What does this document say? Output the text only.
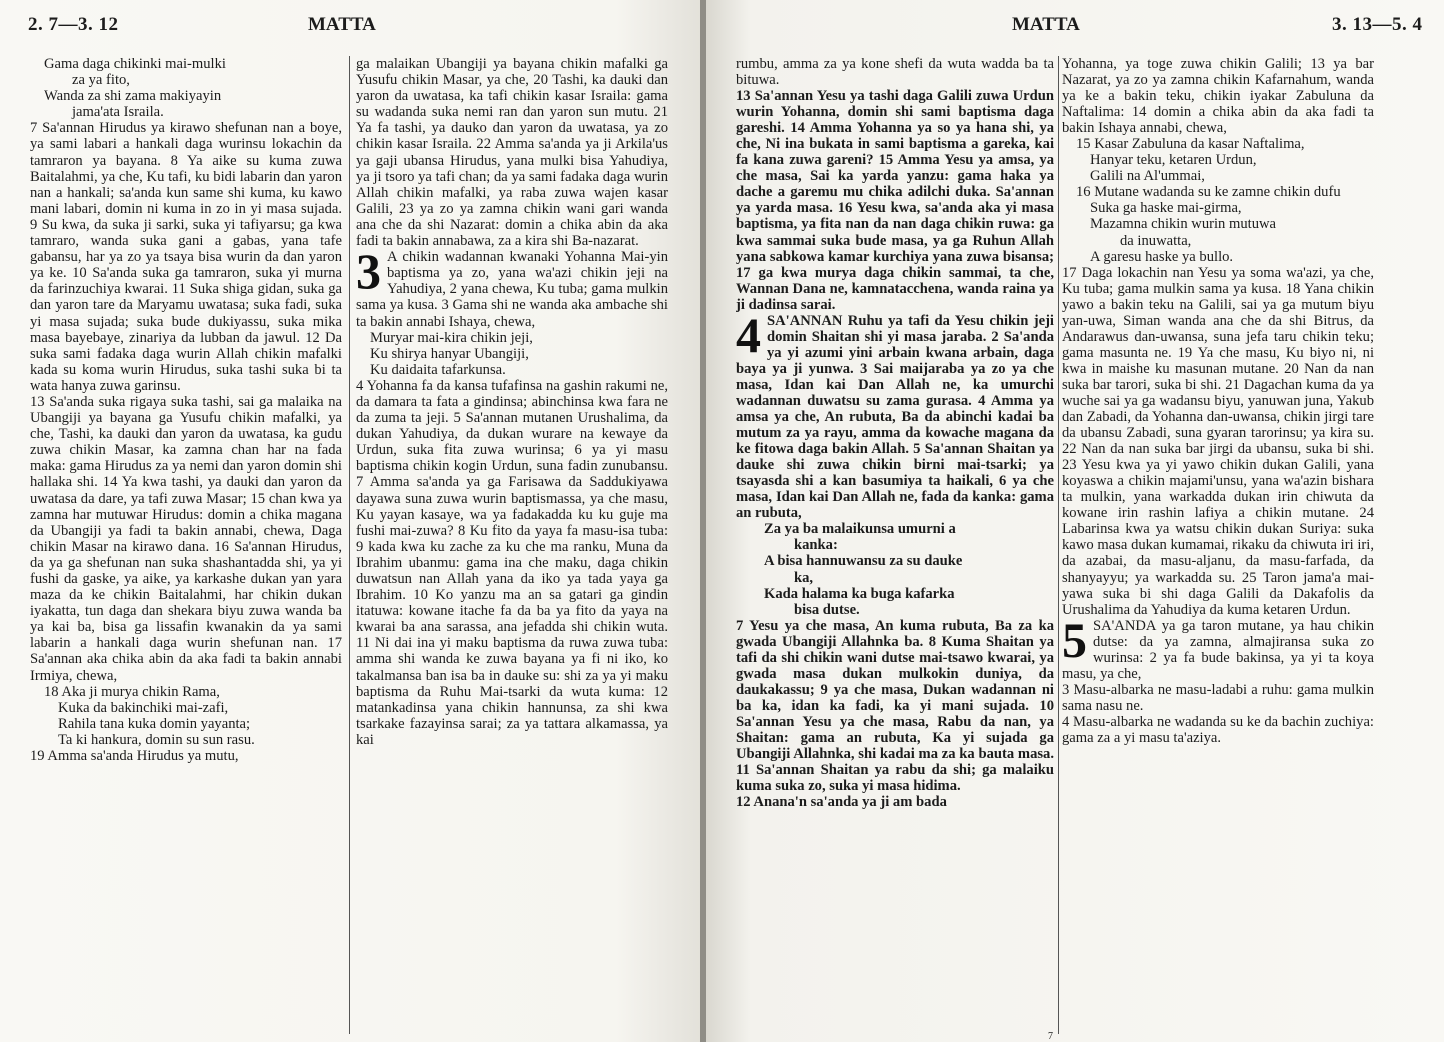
2. 7—3. 12	MATTA

Gama daga chikinki mai-mulki

za ya fito,

Wanda za shi zama makiyayin

jama'ata Israila.

7 Sa'annan Hirudus ya kirawo shefunan nan a boye, ya sami labari a hankali daga wurinsu lokachin da tamraron ya bayana. 8 Ya aike su kuma zuwa Baitalahmi, ya che, Ku tafi, ku bidi labarin dan yaron nan a hankali; sa'anda kun same shi kuma, ku kawo mani labari, domin ni kuma in zo in yi masa sujada. 9 Su kwa, da suka ji sarki, suka yi tafiyarsu; ga kwa tamraro, wanda suka gani a gabas, yana tafe gabansu, har ya zo ya tsaya bisa wurin da dan yaron ya ke. 10 Sa'anda suka ga tamraron, suka yi murna da farinzuchiya kwarai. 11 Suka shiga gidan, suka ga dan yaron tare da Maryamu uwatasa; suka fadi, suka yi masa sujada; suka bude dukiyassu, suka mika masa bayebaye, zinariya da lubban da jawul. 12 Da suka sami fadaka daga wurin Allah chikin mafalki kada su koma wurin Hirudus, suka tashi suka bi ta wata hanya zuwa garinsu.

13 Sa'anda suka rigaya suka tashi, sai ga malaika na Ubangiji ya bayana ga Yusufu chikin mafalki, ya che, Tashi, ka dauki dan yaron da uwatasa, ka gudu zuwa chikin Masar, ka zamna chan har na fada maka: gama Hirudus za ya nemi dan yaron domin shi hallaka shi. 14 Ya kwa tashi, ya dauki dan yaron da uwatasa da dare, ya tafi zuwa Masar; 15 chan kwa ya zamna har mutuwar Hirudus: domin a chika magana da Ubangiji ya fadi ta bakin annabi, chewa, Daga chikin Masar na kirawo dana. 16 Sa'annan Hirudus, da ya ga shefunan nan suka shashantadda shi, ya yi fushi da gaske, ya aike, ya karkashe dukan yan yara maza da ke chikin Baitalahmi, har chikin dukan iyakatta, tun daga dan shekara biyu zuwa wanda ba ya kai ba, bisa ga lissafin kwanakin da ya sami labarin a hankali daga wurin shefunan nan. 17 Sa'annan aka chika abin da aka fadi ta bakin annabi Irmiya, chewa,

18 Aka ji murya chikin Rama,

Kuka da bakinchiki mai-zafi,

Rahila tana kuka domin yayanta;

Ta ki hankura, domin su sun rasu.

19 Amma sa'anda Hirudus ya mutu,

ga malaikan Ubangiji ya bayana chikin mafalki ga Yusufu chikin Masar, ya che, 20 Tashi, ka dauki dan yaron da uwatasa, ka tafi chikin kasar Israila: gama su wadanda suka nemi ran dan yaron sun mutu. 21 Ya fa tashi, ya dauko dan yaron da uwatasa, ya zo chikin kasar Israila. 22 Amma sa'anda ya ji Arkila'us ya gaji ubansa Hirudus, yana mulki bisa Yahudiya, ya ji tsoro ya tafi chan; da ya sami fadaka daga wurin Allah chikin mafalki, ya raba zuwa wajen kasar Galili, 23 ya zo ya zamna chikin wani gari wanda ana che da shi Nazarat: domin a chika abin da aka fadi ta bakin annabawa, za a kira shi Ba-nazarat.

3 A chikin wadannan kwanaki Yohanna Mai-yin baptisma ya zo, yana wa'azi chikin jeji na Yahudiya, 2 yana chewa, Ku tuba; gama mulkin sama ya kusa. 3 Gama shi ne wanda aka ambache shi ta bakin annabi Ishaya, chewa,

Muryar mai-kira chikin jeji,

Ku shirya hanyar Ubangiji,

Ku daidaita tafarkunsa.

4 Yohanna fa da kansa tufafinsa na gashin rakumi ne, da damara ta fata a gindinsa; abinchinsa kwa fara ne da zuma ta jeji. 5 Sa'annan mutanen Urushalima, da dukan Yahudiya, da dukan wurare na kewaye da Urdun, suka fita zuwa wurinsa; 6 ya yi masu baptisma chikin kogin Urdun, suna fadin zunubansu. 7 Amma sa'anda ya ga Farisawa da Saddukiyawa dayawa suna zuwa wurin baptismassa, ya che masu, Ku yayan kasaye, wa ya fadakadda ku ku guje ma fushi mai-zuwa? 8 Ku fito da yaya fa masu-isa tuba: 9 kada kwa ku zache za ku che ma ranku, Muna da Ibrahim ubanmu: gama ina che maku, daga chikin duwatsun nan Allah yana da iko ya tada yaya ga Ibrahim. 10 Ko yanzu ma an sa gatari ga gindin itatuwa: kowane itache fa da ba ya fito da yaya na kwarai ba ana sarassa, ana jefadda shi chikin wuta. 11 Ni dai ina yi maku baptisma da ruwa zuwa tuba: amma shi wanda ke zuwa bayana ya fi ni iko, ko takalmansa ban isa ba in dauke su: shi za ya yi maku baptisma da Ruhu Mai-tsarki da wuta kuma: 12 matankadinsa yana chikin hannunsa, za shi kwa tsarkake fazayinsa sarai; za ya tattara alkamassa, ya kai

MATTA	3. 13—5. 4

rumbu, amma za ya kone shefi da wuta wadda ba ta bituwa.

13 Sa'annan Yesu ya tashi daga Galili zuwa Urdun wurin Yohanna, domin shi sami baptisma daga gareshi. 14 Amma Yohanna ya so ya hana shi, ya che, Ni ina bukata in sami baptisma a gareka, kai fa kana zuwa gareni? 15 Amma Yesu ya amsa, ya che masa, Sai ka yarda yanzu: gama haka ya dache a garemu mu chika adilchi duka. Sa'annan ya yarda masa. 16 Yesu kwa, sa'anda aka yi masa baptisma, ya fita nan da nan daga chikin ruwa: ga kwa sammai suka bude masa, ya ga Ruhun Allah yana sabkowa kamar kurchiya yana zuwa bisansa; 17 ga kwa murya daga chikin sammai, ta che, Wannan Dana ne, kamnatacchena, wanda raina ya ji dadinsa sarai.

4 SA'ANNAN Ruhu ya tafi da Yesu chikin jeji domin Shaitan shi yi masa jaraba. 2 Sa'anda ya yi azumi yini arbain kwana arbain, daga baya ya ji yunwa. 3 Sai maijaraba ya zo ya che masa, Idan kai Dan Allah ne, ka umurchi wadannan duwatsu su zama gurasa. 4 Amma ya amsa ya che, An rubuta, Ba da abinchi kadai ba mutum za ya rayu, amma da kowache magana da ke fitowa daga bakin Allah. 5 Sa'annan Shaitan ya dauke shi zuwa chikin birni mai-tsarki; ya tsayasda shi a kan basumiya ta haikali, 6 ya che masa, Idan kai Dan Allah ne, fada da kanka: gama an rubuta,

Za ya ba malaikunsa umurni a

kanka:

A bisa hannuwansu za su dauke

ka,

Kada halama ka buga kafarka

bisa dutse.

7 Yesu ya che masa, An kuma rubuta, Ba za ka gwada Ubangiji Allahnka ba. 8 Kuma Shaitan ya tafi da shi chikin wani dutse mai-tsawo kwarai, ya gwada masa dukan mulkokin duniya, da daukakassu; 9 ya che masa, Dukan wadannan ni ba ka, idan ka fadi, ka yi mani sujada. 10 Sa'annan Yesu ya che masa, Rabu da nan, ya Shaitan: gama an rubuta, Ka yi sujada ga Ubangiji Allahnka, shi kadai ma za ka bauta masa. 11 Sa'annan Shaitan ya rabu da shi; ga malaiku kuma suka zo, suka yi masa hidima.

12 Anana'n sa'anda ya ji am bada

Yohanna, ya toge zuwa chikin Galili; 13 ya bar Nazarat, ya zo ya zamna chikin Kafarnahum, wanda ya ke a bakin teku, chikin iyakar Zabuluna da Naftalima: 14 domin a chika abin da aka fadi ta bakin Ishaya annabi, chewa,

15 Kasar Zabuluna da kasar Naftalima,

Hanyar teku, ketaren Urdun,

Galili na Al'ummai,

16 Mutane wadanda su ke zamne chikin dufu

Suka ga haske mai-girma,

Mazamna chikin wurin mutuwa

da inuwatta,

A garesu haske ya bullo.

17 Daga lokachin nan Yesu ya soma wa'azi, ya che, Ku tuba; gama mulkin sama ya kusa. 18 Yana chikin yawo a bakin teku na Galili, sai ya ga mutum biyu yan-uwa, Siman wanda ana che da shi Bitrus, da Andarawus dan-uwansa, suna jefa taru chikin teku; gama masunta ne. 19 Ya che masu, Ku biyo ni, ni kwa in maishe ku masunan mutane. 20 Nan da nan suka bar tarori, suka bi shi. 21 Dagachan kuma da ya wuche sai ya ga wadansu biyu, yanuwan juna, Yakub dan Zabadi, da Yohanna dan-uwansa, chikin jirgi tare da ubansu Zabadi, suna gyaran tarorinsu; ya kira su. 22 Nan da nan suka bar jirgi da ubansu, suka bi shi. 23 Yesu kwa ya yi yawo chikin dukan Galili, yana koyaswa a chikin majami'unsu, yana wa'azin bishara ta mulkin, yana warkadda dukan irin chiwuta da kowane irin rashin lafiya a chikin mutane. 24 Labarinsa kwa ya watsu chikin dukan Suriya: suka kawo masa dukan kumamai, rikaku da chiwuta iri iri, da azabai, da masu-aljanu, da masu-farfada, da shanyayyu; ya warkadda su. 25 Taron jama'a mai-yawa suka bi shi daga Galili da Dakafolis da Urushalima da Yahudiya da kuma ketaren Urdun.

5 SA'ANDA ya ga taron mutane, ya hau chikin dutse: da ya zamna, almajiransa suka zo wurinsa: 2 ya fa bude bakinsa, ya yi ta koya masu, ya che,

3 Masu-albarka ne masu-ladabi a ruhu: gama mulkin sama nasu ne.

4 Masu-albarka ne wadanda su ke da bachin zuchiya: gama za a yi masu ta'aziya.

7
